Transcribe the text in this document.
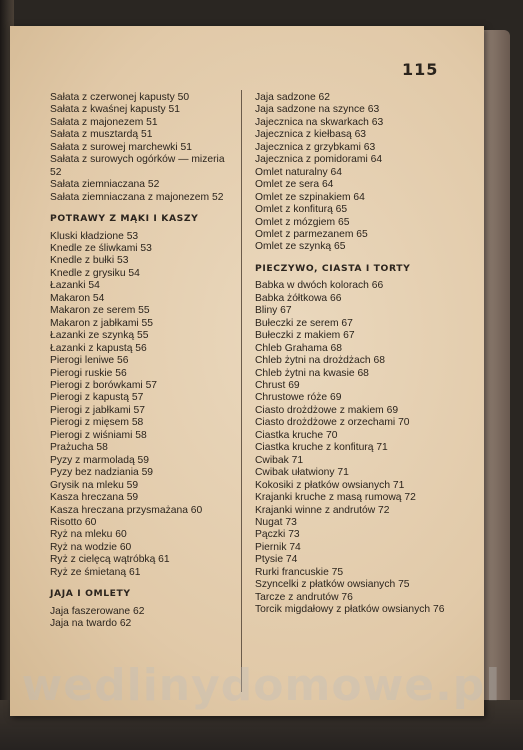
115
Sałata z czerwonej kapusty 50
Sałata z kwaśnej kapusty 51
Sałata z majonezem 51
Sałata z musztardą 51
Sałata z surowej marchewki 51
Sałata z surowych ogórków — mizeria 52
Sałata ziemniaczana 52
Sałata ziemniaczana z majonezem 52
POTRAWY Z MĄKI I KASZY
Kluski kładzione 53
Knedle ze śliwkami 53
Knedle z bułki 53
Knedle z grysiku 54
Łazanki 54
Makaron 54
Makaron ze serem 55
Makaron z jabłkami 55
Łazanki ze szynką 55
Łazanki z kapustą 56
Pierogi leniwe 56
Pierogi ruskie 56
Pierogi z borówkami 57
Pierogi z kapustą 57
Pierogi z jabłkami 57
Pierogi z mięsem 58
Pierogi z wiśniami 58
Prażucha 58
Pyzy z marmoladą 59
Pyzy bez nadziania 59
Grysik na mleku 59
Kasza hreczana 59
Kasza hreczana przysmażana 60
Risotto 60
Ryż na mleku 60
Ryż na wodzie 60
Ryż z cielęcą wątróbką 61
Ryż ze śmietaną 61
JAJA I OMLETY
Jaja faszerowane 62
Jaja na twardo 62
Jaja sadzone 62
Jaja sadzone na szynce 63
Jajecznica na skwarkach 63
Jajecznica z kiełbasą 63
Jajecznica z grzybkami 63
Jajecznica z pomidorami 64
Omlet naturalny 64
Omlet ze sera 64
Omlet ze szpinakiem 64
Omlet z konfiturą 65
Omlet z mózgiem 65
Omlet z parmezanem 65
Omlet ze szynką 65
PIECZYWO, CIASTA I TORTY
Babka w dwóch kolorach 66
Babka żółtkowa 66
Bliny 67
Bułeczki ze serem 67
Bułeczki z makiem 67
Chleb Grahama 68
Chleb żytni na drożdżach 68
Chleb żytni na kwasie 68
Chrust 69
Chrustowe róże 69
Ciasto drożdżowe z makiem 69
Ciasto drożdżowe z orzechami 70
Ciastka kruche 70
Ciastka kruche z konfiturą 71
Cwibak 71
Cwibak ułatwiony 71
Kokosiki z płatków owsianych 71
Krajanki kruche z masą rumową 72
Krajanki winne z andrutów 72
Nugat 73
Pączki 73
Piernik 74
Ptysie 74
Rurki francuskie 75
Szyncelki z płatków owsianych 75
Tarcze z andrutów 76
Torcik migdałowy z płatków owsianych 76
wedlinydomowe.pl
